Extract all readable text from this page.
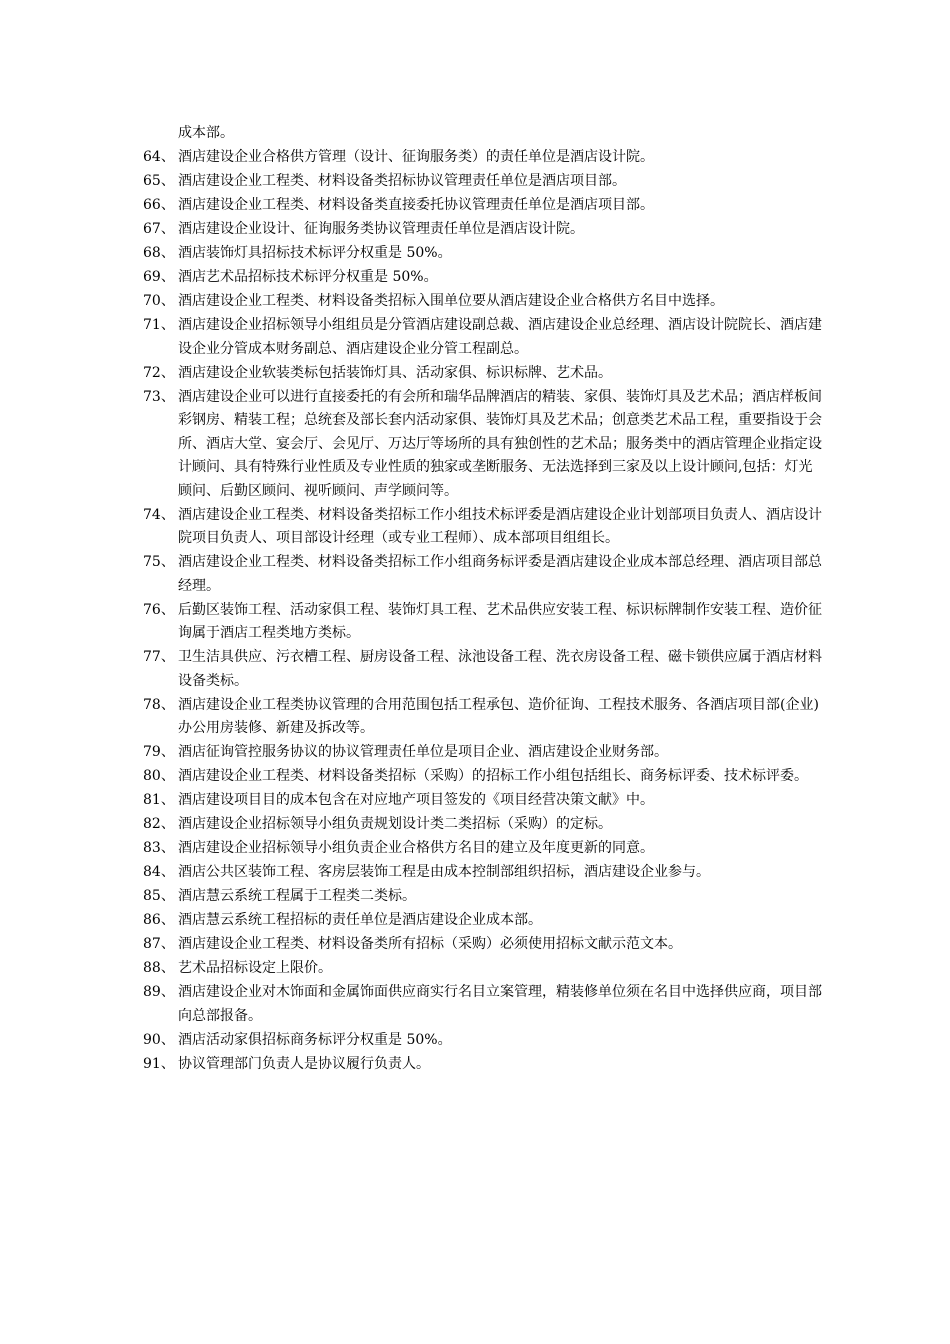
成本部。
64、 酒店建设企业合格供方管理（设计、征询服务类）的责任单位是酒店设计院。
65、 酒店建设企业工程类、材料设备类招标协议管理责任单位是酒店项目部。
66、 酒店建设企业工程类、材料设备类直接委托协议管理责任单位是酒店项目部。
67、 酒店建设企业设计、征询服务类协议管理责任单位是酒店设计院。
68、 酒店装饰灯具招标技术标评分权重是 50%。
69、 酒店艺术品招标技术标评分权重是 50%。
70、 酒店建设企业工程类、材料设备类招标入围单位要从酒店建设企业合格供方名目中选择。
71、 酒店建设企业招标领导小组组员是分管酒店建设副总裁、酒店建设企业总经理、酒店设计院院长、酒店建设企业分管成本财务副总、酒店建设企业分管工程副总。
72、 酒店建设企业软装类标包括装饰灯具、活动家俱、标识标牌、艺术品。
73、 酒店建设企业可以进行直接委托的有会所和瑞华品牌酒店的精装、家俱、装饰灯具及艺术品；酒店样板间彩钢房、精装工程；总统套及部长套内活动家俱、装饰灯具及艺术品；创意类艺术品工程，重要指设于会所、酒店大堂、宴会厅、会见厅、万达厅等场所的具有独创性的艺术品；服务类中的酒店管理企业指定设计顾问、具有特殊行业性质及专业性质的独家或垄断服务、无法选择到三家及以上设计顾问,包括：灯光顾问、后勤区顾问、视听顾问、声学顾问等。
74、 酒店建设企业工程类、材料设备类招标工作小组技术标评委是酒店建设企业计划部项目负责人、酒店设计院项目负责人、项目部设计经理（或专业工程师）、成本部项目组组长。
75、 酒店建设企业工程类、材料设备类招标工作小组商务标评委是酒店建设企业成本部总经理、酒店项目部总经理。
76、 后勤区装饰工程、活动家俱工程、装饰灯具工程、艺术品供应安装工程、标识标牌制作安装工程、造价征询属于酒店工程类地方类标。
77、 卫生洁具供应、污衣槽工程、厨房设备工程、泳池设备工程、洗衣房设备工程、磁卡锁供应属于酒店材料设备类标。
78、 酒店建设企业工程类协议管理的合用范围包括工程承包、造价征询、工程技术服务、各酒店项目部(企业)办公用房装修、新建及拆改等。
79、 酒店征询管控服务协议的协议管理责任单位是项目企业、酒店建设企业财务部。
80、 酒店建设企业工程类、材料设备类招标（采购）的招标工作小组包括组长、商务标评委、技术标评委。
81、 酒店建设项目目的成本包含在对应地产项目签发的《项目经营决策文献》中。
82、 酒店建设企业招标领导小组负责规划设计类二类招标（采购）的定标。
83、 酒店建设企业招标领导小组负责企业合格供方名目的建立及年度更新的同意。
84、 酒店公共区装饰工程、客房层装饰工程是由成本控制部组织招标，酒店建设企业参与。
85、 酒店慧云系统工程属于工程类二类标。
86、 酒店慧云系统工程招标的责任单位是酒店建设企业成本部。
87、 酒店建设企业工程类、材料设备类所有招标（采购）必须使用招标文献示范文本。
88、 艺术品招标设定上限价。
89、 酒店建设企业对木饰面和金属饰面供应商实行名目立案管理，精装修单位须在名目中选择供应商，项目部向总部报备。
90、 酒店活动家俱招标商务标评分权重是 50%。
91、 协议管理部门负责人是协议履行负责人。
